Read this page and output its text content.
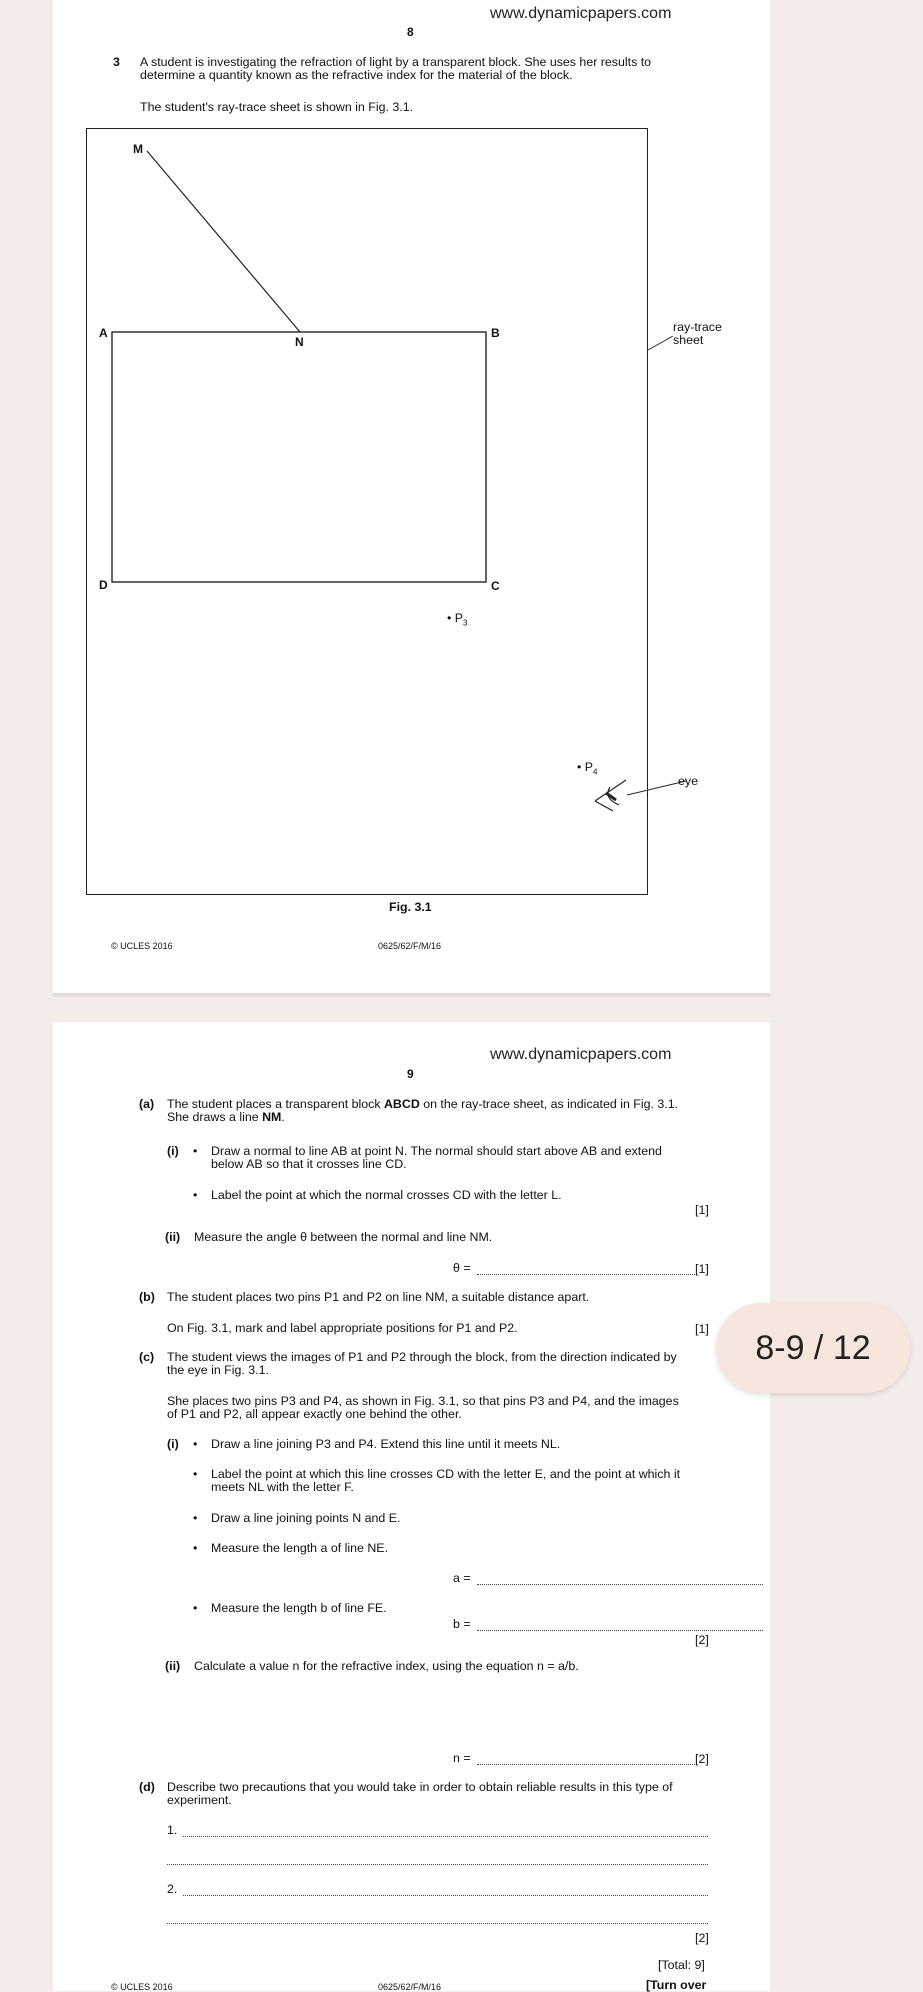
www.dynamicpapers.com
8
3 A student is investigating the refraction of light by a transparent block. She uses her results to
determine a quantity known as the refractive index for the material of the block.
The student's ray-trace sheet is shown in Fig. 3.1.
M
A
N
B
D	C
• $P_3$
• $P_4$
ray-trace
sheet
eye
Fig. 3.1
© UCLES 2016	0625/62/F/M/16
www.dynamicpapers.com
9
(a) The student places a transparent block ABCD on the ray-trace sheet, as indicated in Fig. 3.1.
She draws a line NM.
(i) • Draw a normal to line AB at point N. The normal should start above AB and extend
below AB so that it crosses line CD.
• Label the point at which the normal crosses CD with the letter L.
[1]
(ii) Measure the angle θ between the normal and line NM.
θ =	[1]
(b) The student places two pins P1 and P2 on line NM, a suitable distance apart.
On Fig. 3.1, mark and label appropriate positions for P1 and P2.	[1]
(c) The student views the images of P1 and P2 through the block, from the direction indicated by
the eye in Fig. 3.1.
She places two pins P3 and P4, as shown in Fig. 3.1, so that pins P3 and P4, and the images
of P1 and P2, all appear exactly one behind the other.
(i) • Draw a line joining P3 and P4. Extend this line until it meets NL.
• Label the point at which this line crosses CD with the letter E, and the point at which it
meets NL with the letter F.
• Draw a line joining points N and E.
• Measure the length a of line NE.
a =
• Measure the length b of line FE.
b =
[2]
(ii) Calculate a value n for the refractive index, using the equation n = a/b.
n =	[2]
(d) Describe two precautions that you would take in order to obtain reliable results in this type of
experiment.
1.
2.
[2]
[Total: 9]
© UCLES 2016	0625/62/F/M/16	[Turn over
8-9 / 12
